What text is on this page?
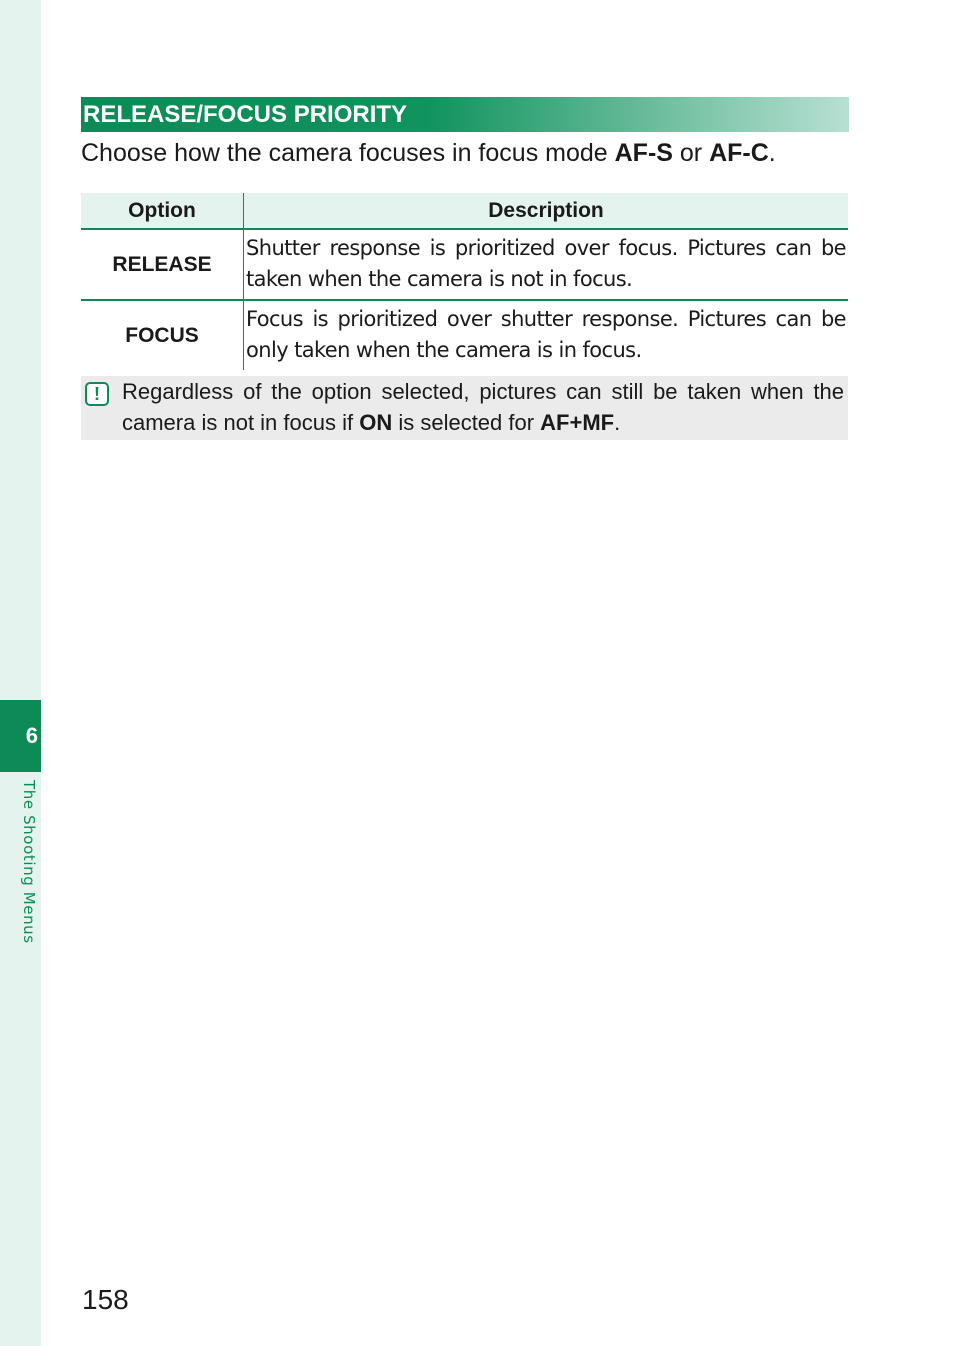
6
The Shooting Menus
RELEASE/FOCUS PRIORITY
Choose how the camera focuses in focus mode AF-S or AF-C.
Option	Description
RELEASE	Shutter response is prioritized over focus. Pictures can be taken when the camera is not in focus.
FOCUS	Focus is prioritized over shutter response. Pictures can be only taken when the camera is in focus.
!	Regardless of the option selected, pictures can still be taken when the camera is not in focus if ON is selected for AF+MF.
158
